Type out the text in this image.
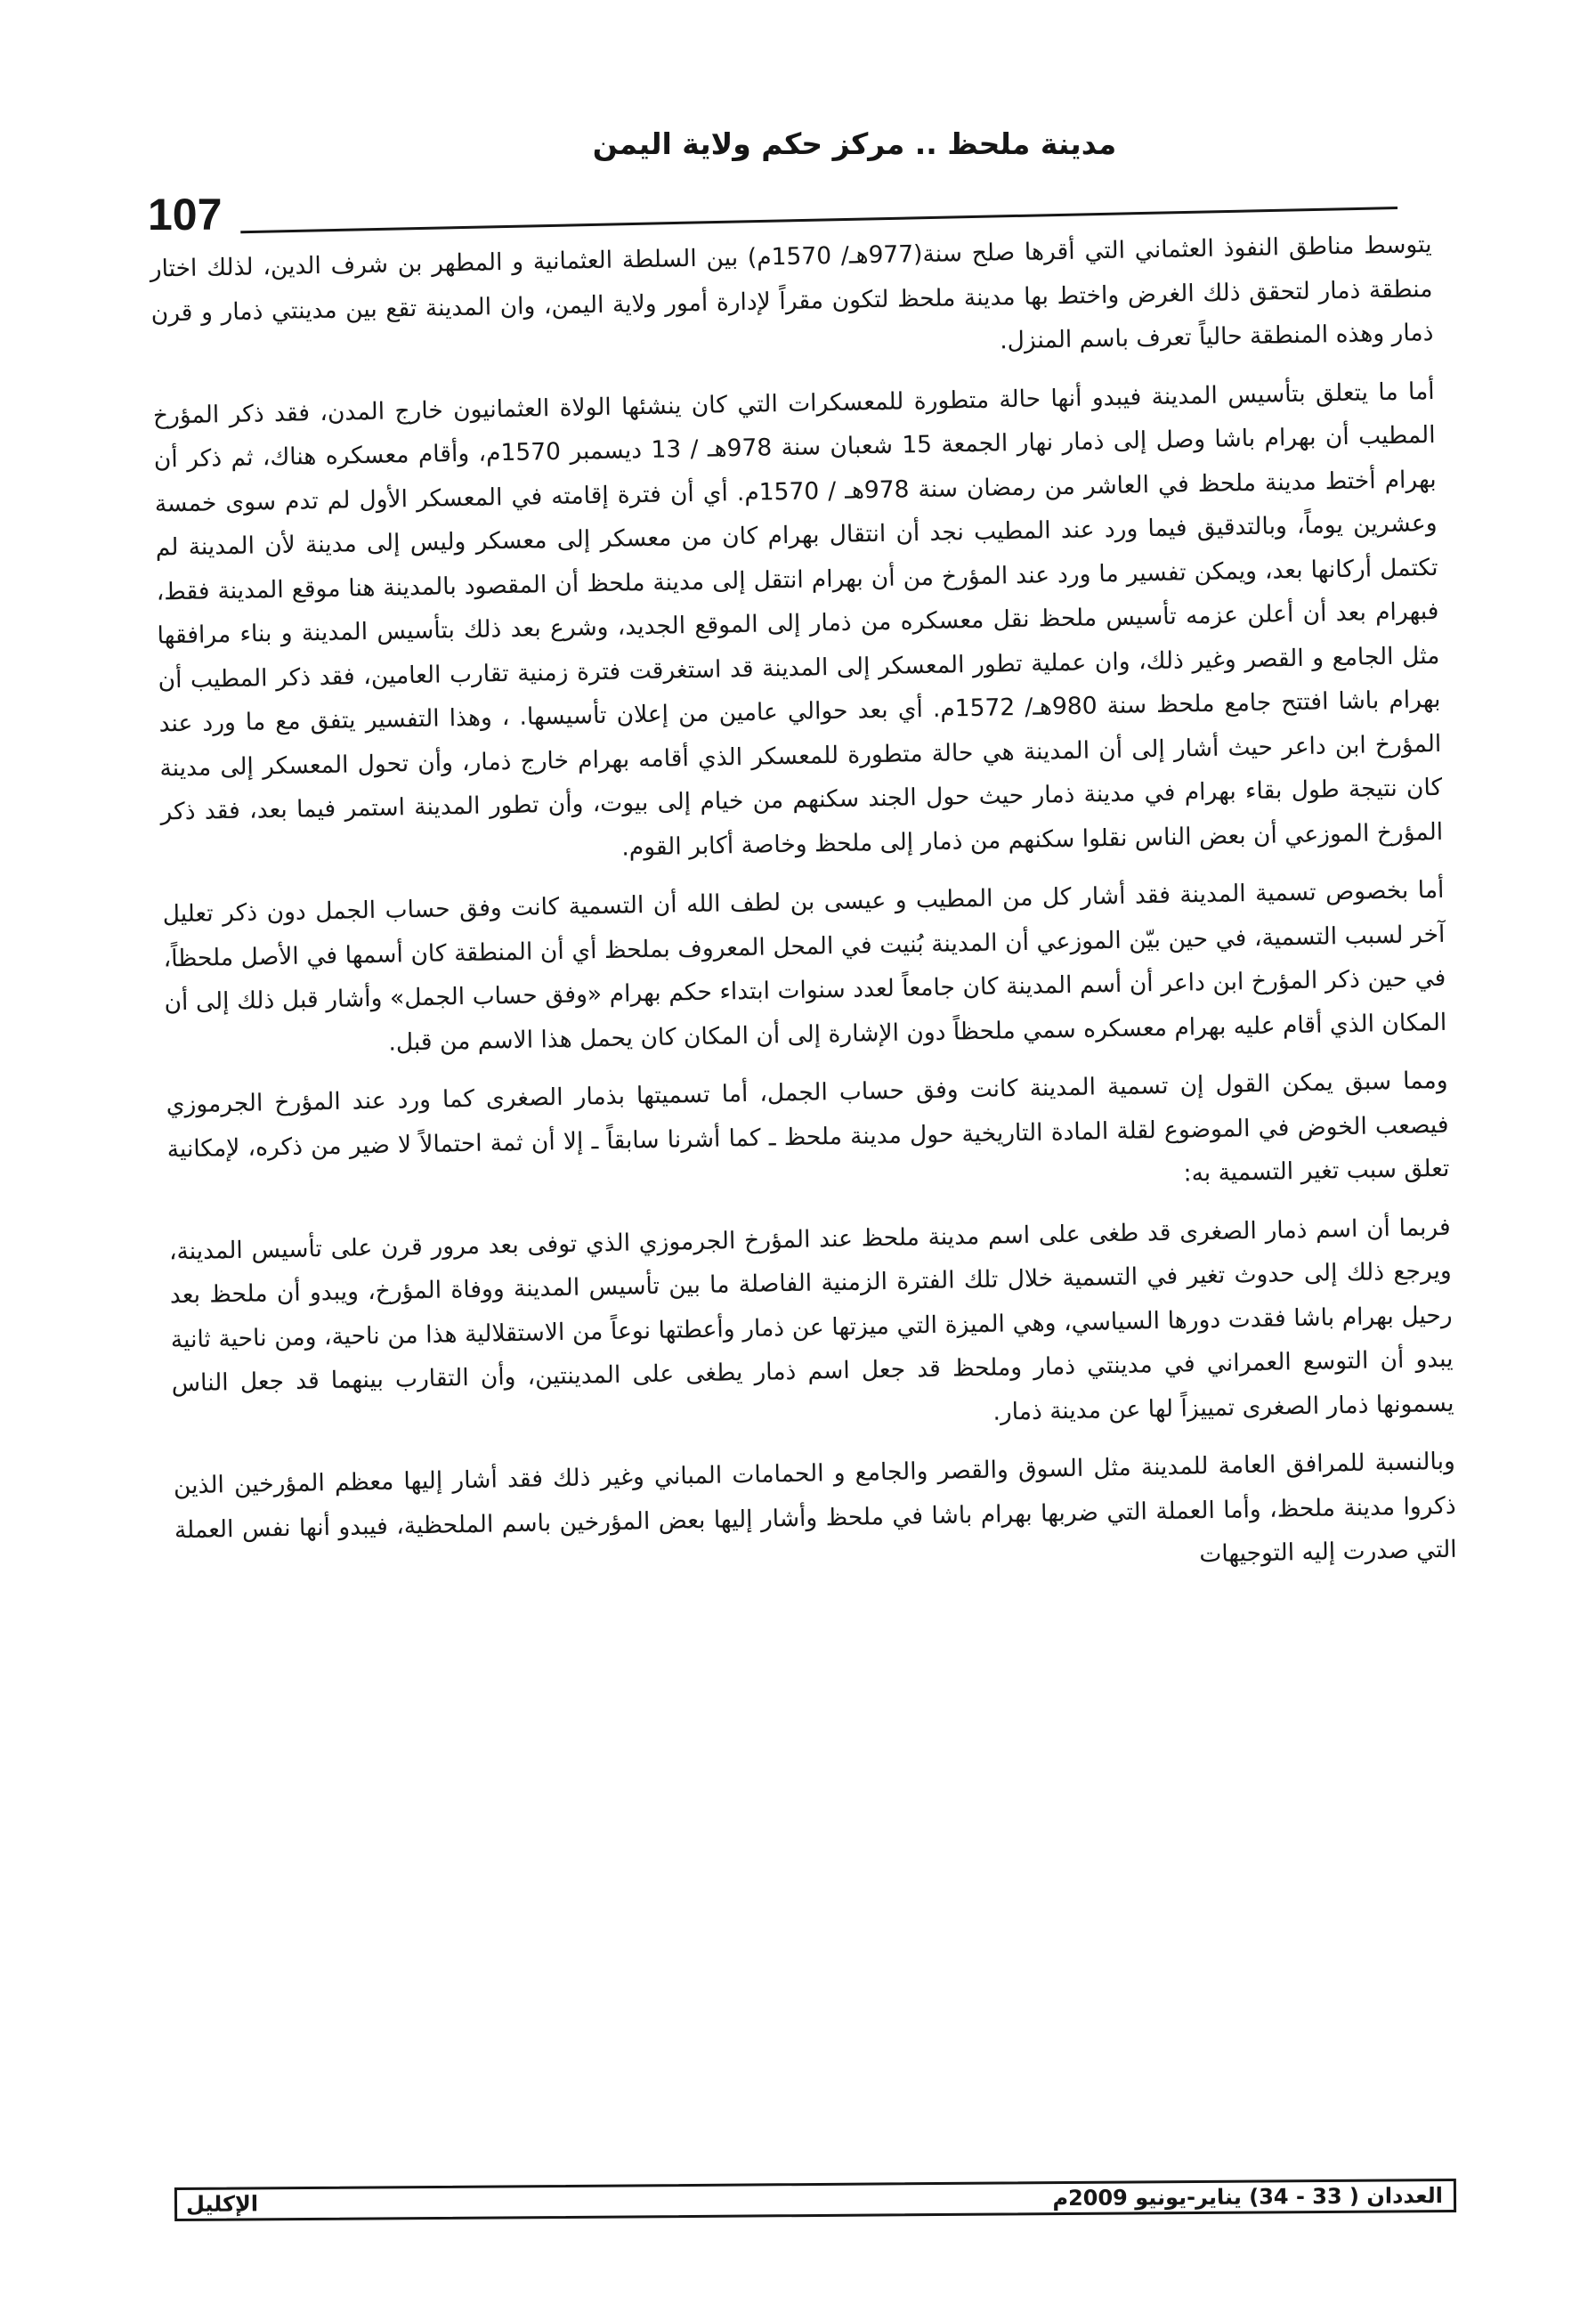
مدينة ملحظ .. مركز حكم ولاية اليمن
107

يتوسط مناطق النفوذ العثماني التي أقرها صلح سنة(977هـ/ 1570م) بين السلطة العثمانية و المطهر بن شرف الدين، لذلك اختار منطقة ذمار لتحقق ذلك الغرض واختط بها مدينة ملحظ لتكون مقراً لإدارة أمور ولاية اليمن، وان المدينة تقع بين مدينتي ذمار و قرن ذمار وهذه المنطقة حالياً تعرف باسم المنزل.

أما ما يتعلق بتأسيس المدينة فيبدو أنها حالة متطورة للمعسكرات التي كان ينشئها الولاة العثمانيون خارج المدن، فقد ذكر المؤرخ المطيب أن بهرام باشا وصل إلى ذمار نهار الجمعة 15 شعبان سنة 978هـ / 13 ديسمبر 1570م، وأقام معسكره هناك، ثم ذكر أن بهرام أختط مدينة ملحظ في العاشر من رمضان سنة 978هـ / 1570م. أي أن فترة إقامته في المعسكر الأول لم تدم سوى خمسة وعشرين يوماً، وبالتدقيق فيما ورد عند المطيب نجد أن انتقال بهرام كان من معسكر إلى معسكر وليس إلى مدينة لأن المدينة لم تكتمل أركانها بعد، ويمكن تفسير ما ورد عند المؤرخ من أن بهرام انتقل إلى مدينة ملحظ أن المقصود بالمدينة هنا موقع المدينة فقط، فبهرام بعد أن أعلن عزمه تأسيس ملحظ نقل معسكره من ذمار إلى الموقع الجديد، وشرع بعد ذلك بتأسيس المدينة و بناء مرافقها مثل الجامع و القصر وغير ذلك، وان عملية تطور المعسكر إلى المدينة قد استغرقت فترة زمنية تقارب العامين، فقد ذكر المطيب أن بهرام باشا افتتح جامع ملحظ سنة 980هـ/ 1572م. أي بعد حوالي عامين من إعلان تأسيسها. ، وهذا التفسير يتفق مع ما ورد عند المؤرخ ابن داعر حيث أشار إلى أن المدينة هي حالة متطورة للمعسكر الذي أقامه بهرام خارج ذمار، وأن تحول المعسكر إلى مدينة كان نتيجة طول بقاء بهرام في مدينة ذمار حيث حول الجند سكنهم من خيام إلى بيوت، وأن تطور المدينة استمر فيما بعد، فقد ذكر المؤرخ الموزعي أن بعض الناس نقلوا سكنهم من ذمار إلى ملحظ وخاصة أكابر القوم.

أما بخصوص تسمية المدينة فقد أشار كل من المطيب و عيسى بن لطف الله أن التسمية كانت وفق حساب الجمل دون ذكر تعليل آخر لسبب التسمية، في حين بيّن الموزعي أن المدينة بُنيت في المحل المعروف بملحظ أي أن المنطقة كان أسمها في الأصل ملحظاً، في حين ذكر المؤرخ ابن داعر أن أسم المدينة كان جامعاً لعدد سنوات ابتداء حكم بهرام «وفق حساب الجمل» وأشار قبل ذلك إلى أن المكان الذي أقام عليه بهرام معسكره سمي ملحظاً دون الإشارة إلى أن المكان كان يحمل هذا الاسم من قبل.

ومما سبق يمكن القول إن تسمية المدينة كانت وفق حساب الجمل، أما تسميتها بذمار الصغرى كما ورد عند المؤرخ الجرموزي فيصعب الخوض في الموضوع لقلة المادة التاريخية حول مدينة ملحظ ـ كما أشرنا سابقاً ـ إلا أن ثمة احتمالاً لا ضير من ذكره، لإمكانية تعلق سبب تغير التسمية به:

فربما أن اسم ذمار الصغرى قد طغى على اسم مدينة ملحظ عند المؤرخ الجرموزي الذي توفى بعد مرور قرن على تأسيس المدينة، ويرجع ذلك إلى حدوث تغير في التسمية خلال تلك الفترة الزمنية الفاصلة ما بين تأسيس المدينة ووفاة المؤرخ، ويبدو أن ملحظ بعد رحيل بهرام باشا فقدت دورها السياسي، وهي الميزة التي ميزتها عن ذمار وأعطتها نوعاً من الاستقلالية هذا من ناحية، ومن ناحية ثانية يبدو أن التوسع العمراني في مدينتي ذمار وملحظ قد جعل اسم ذمار يطغى على المدينتين، وأن التقارب بينهما قد جعل الناس يسمونها ذمار الصغرى تمييزاً لها عن مدينة ذمار.

وبالنسبة للمرافق العامة للمدينة مثل السوق والقصر والجامع و الحمامات المباني وغير ذلك فقد أشار إليها معظم المؤرخين الذين ذكروا مدينة ملحظ، وأما العملة التي ضربها بهرام باشا في ملحظ وأشار إليها بعض المؤرخين باسم الملحظية، فيبدو أنها نفس العملة التي صدرت إليه التوجيهات

العددان ( 33 - 34) يناير-يونيو 2009م
الإكليل
